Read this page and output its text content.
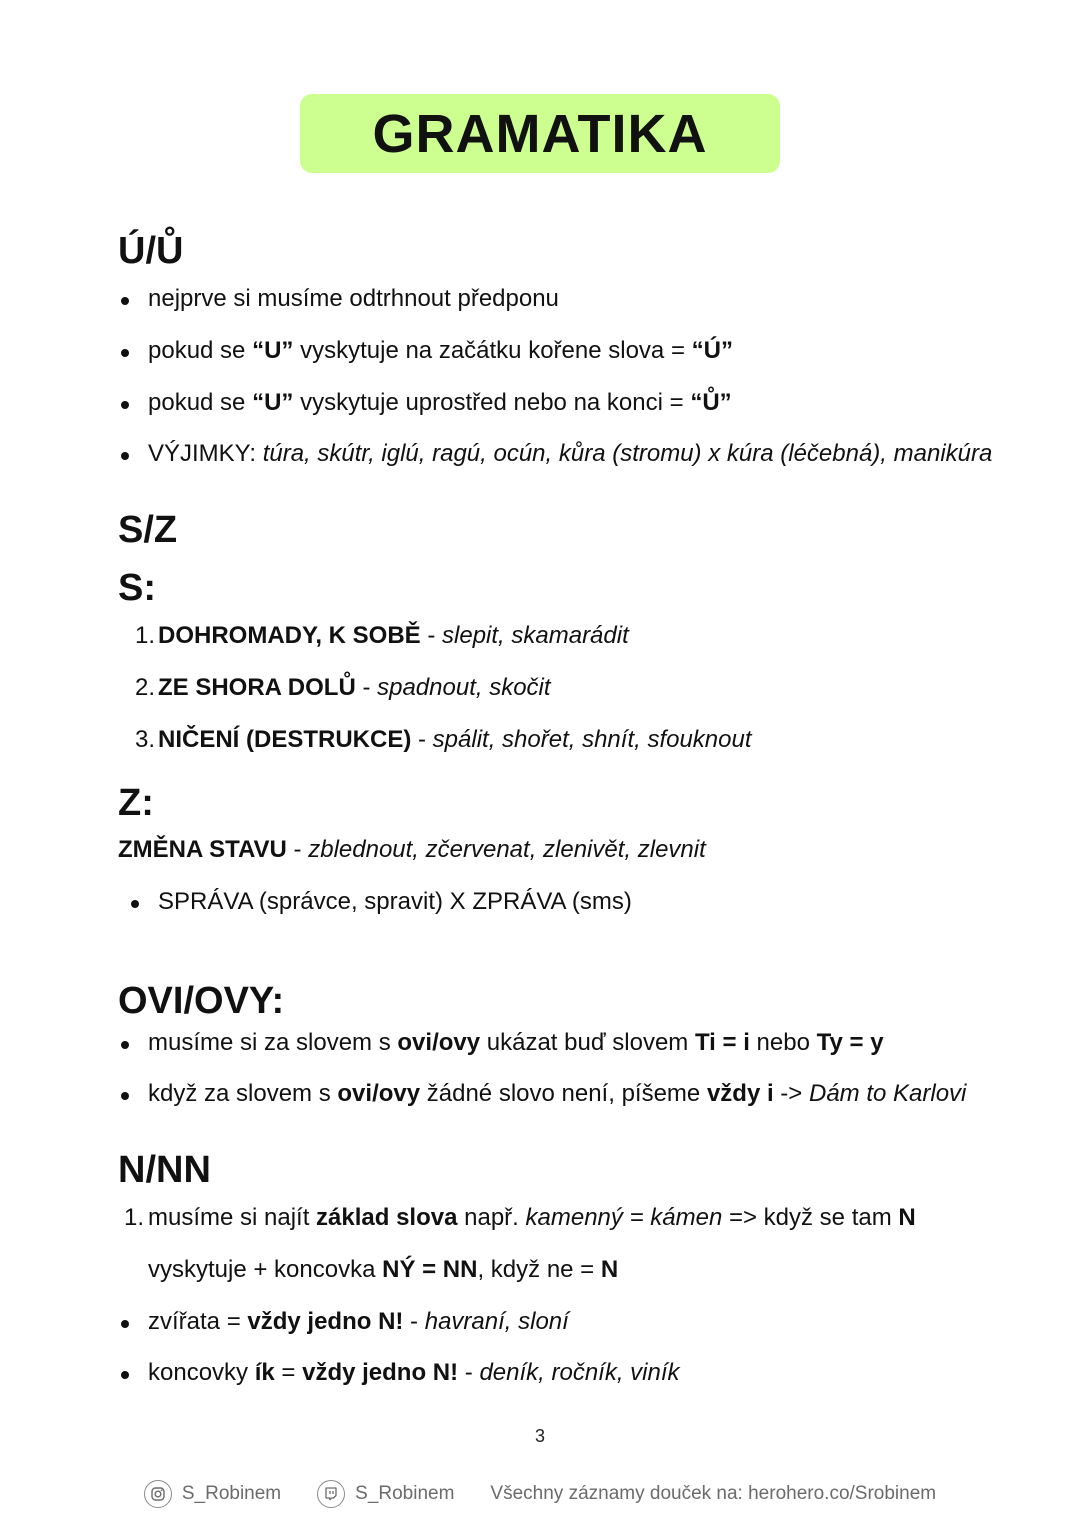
GRAMATIKA
Ú/Ů
nejprve si musíme odtrhnout předponu
pokud se “U” vyskytuje na začátku kořene slova = “Ú”
pokud se “U” vyskytuje uprostřed nebo na konci = “Ů”
VÝJIMKY: túra, skútr, iglú, ragú, ocún, kůra (stromu) x kúra (léčebná), manikúra
S/Z
S:
1. DOHROMADY, K SOBĚ - slepit, skamarádit
2. ZE SHORA DOLŮ - spadnout, skočit
3. NIČENÍ (DESTRUKCE) - spálit, shořet, shnít, sfouknout
Z:
ZMĚNA STAVU - zblednout, zčervenat, zlenivět, zlevnit
SPRÁVA (správce, spravit) X ZPRÁVA (sms)
OVI/OVY:
musíme si za slovem s ovi/ovy ukázat buď slovem Ti = i nebo Ty = y
když za slovem s ovi/ovy žádné slovo není, píšeme vždy i -> Dám to Karlovi
N/NN
1. musíme si najít základ slova např. kamenný = kámen => když se tam N
vyskytuje + koncovka NÝ = NN, když ne = N
zvířata = vždy jedno N! - havraní, sloní
koncovky ík = vždy jedno N! - deník, ročník, viník
3
S_Robinem	S_Robinem Všechny záznamy douček na: herohero.co/Srobinem
